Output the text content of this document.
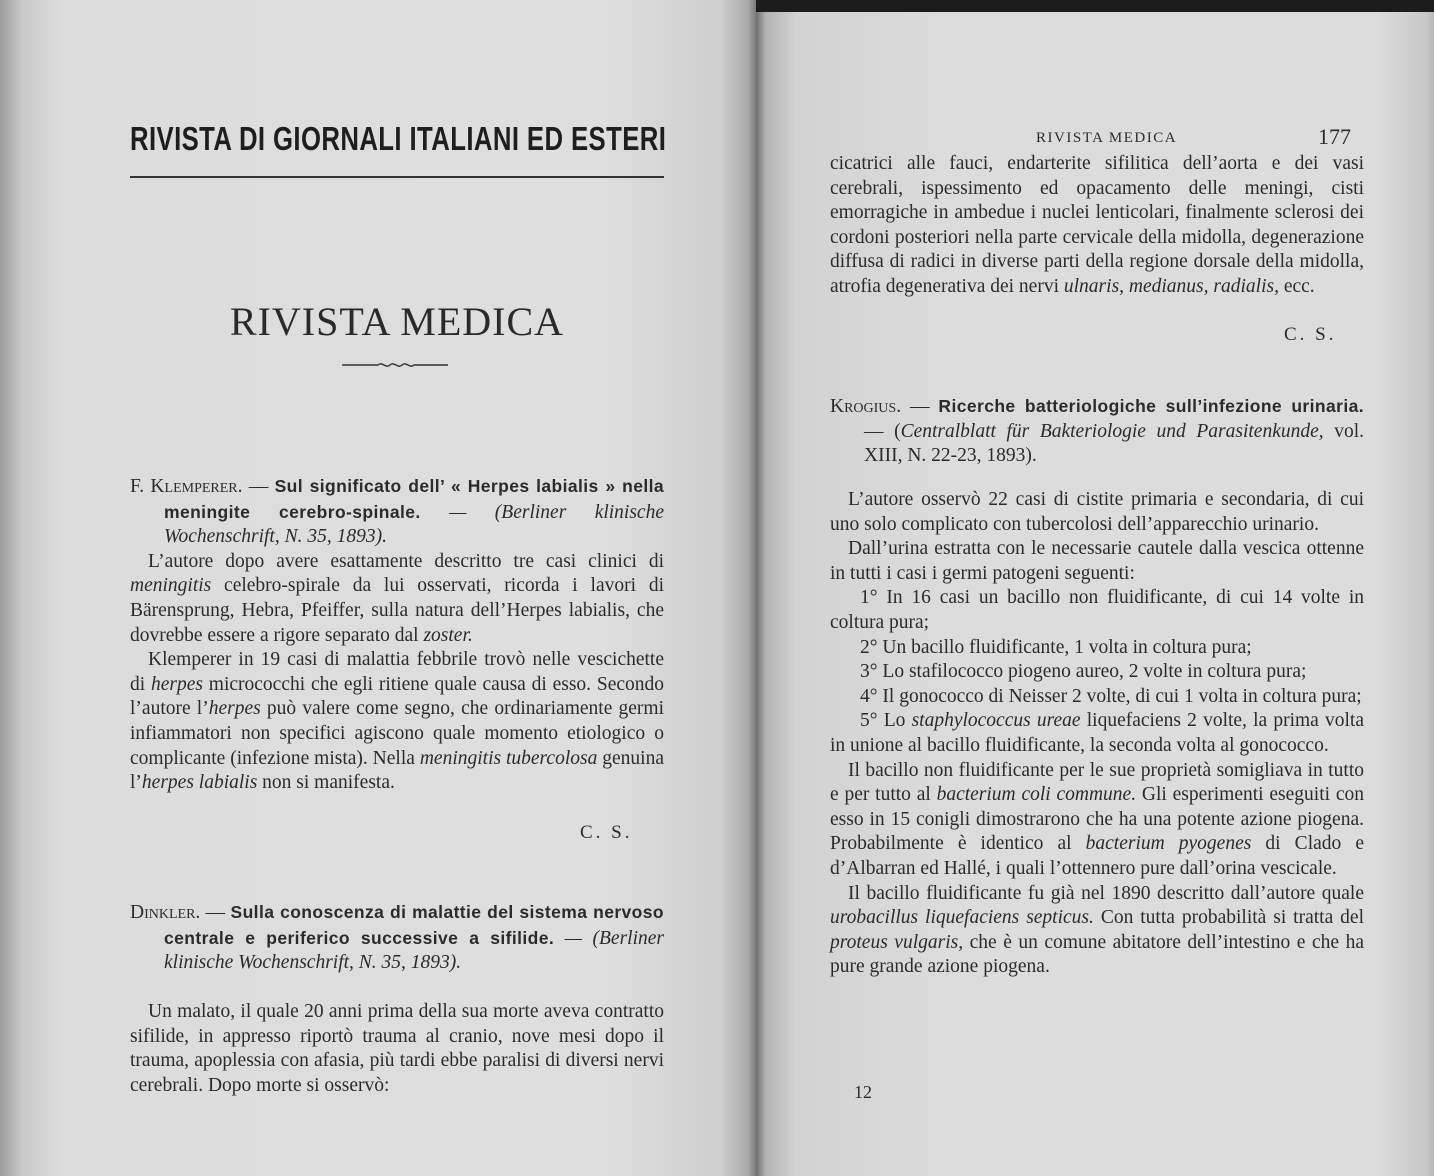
RIVISTA DI GIORNALI ITALIANI ED ESTERI
RIVISTA MEDICA

F. Klemperer. — Sul significato dell’ « Herpes labialis » nella meningite cerebro-spinale. — (Berliner klinische Wochenschrift, N. 35, 1893).

L’autore dopo avere esattamente descritto tre casi clinici di meningitis celebro-spirale da lui osservati, ricorda i lavori di Bärensprung, Hebra, Pfeiffer, sulla natura dell’Herpes labialis, che dovrebbe essere a rigore separato dal zoster.

Klemperer in 19 casi di malattia febbrile trovò nelle vescichette di herpes micrococchi che egli ritiene quale causa di esso. Secondo l’autore l’herpes può valere come segno, che ordinariamente germi infiammatori non specifici agiscono quale momento etiologico o complicante (infezione mista). Nella meningitis tubercolosa genuina l’herpes labialis non si manifesta.

C. S.

Dinkler. — Sulla conoscenza di malattie del sistema nervoso centrale e periferico successive a sifilide. — (Berliner klinische Wochenschrift, N. 35, 1893).

Un malato, il quale 20 anni prima della sua morte aveva contratto sifilide, in appresso riportò trauma al cranio, nove mesi dopo il trauma, apoplessia con afasia, più tardi ebbe paralisi di diversi nervi cerebrali. Dopo morte si osservò:

RIVISTA MEDICA	177

cicatrici alle fauci, endarterite sifilitica dell’aorta e dei vasi cerebrali, ispessimento ed opacamento delle meningi, cisti emorragiche in ambedue i nuclei lenticolari, finalmente sclerosi dei cordoni posteriori nella parte cervicale della midolla, degenerazione diffusa di radici in diverse parti della regione dorsale della midolla, atrofia degenerativa dei nervi ulnaris, medianus, radialis, ecc.

C. S.

Krogius. — Ricerche batteriologiche sull’infezione urinaria. — (Centralblatt für Bakteriologie und Parasitenkunde, vol. XIII, N. 22-23, 1893).

L’autore osservò 22 casi di cistite primaria e secondaria, di cui uno solo complicato con tubercolosi dell’apparecchio urinario.

Dall’urina estratta con le necessarie cautele dalla vescica ottenne in tutti i casi i germi patogeni seguenti:

1° In 16 casi un bacillo non fluidificante, di cui 14 volte in coltura pura;

2° Un bacillo fluidificante, 1 volta in coltura pura;

3° Lo stafilococco piogeno aureo, 2 volte in coltura pura;

4° Il gonococco di Neisser 2 volte, di cui 1 volta in coltura pura;

5° Lo staphylococcus ureae liquefaciens 2 volte, la prima volta in unione al bacillo fluidificante, la seconda volta al gonococco.

Il bacillo non fluidificante per le sue proprietà somigliava in tutto e per tutto al bacterium coli commune. Gli esperimenti eseguiti con esso in 15 conigli dimostrarono che ha una potente azione piogena. Probabilmente è identico al bacterium pyogenes di Clado e d’Albarran ed Hallé, i quali l’ottennero pure dall’orina vescicale.

Il bacillo fluidificante fu già nel 1890 descritto dall’autore quale urobacillus liquefaciens septicus. Con tutta probabilità si tratta del proteus vulgaris, che è un comune abitatore dell’intestino e che ha pure grande azione piogena.

12
